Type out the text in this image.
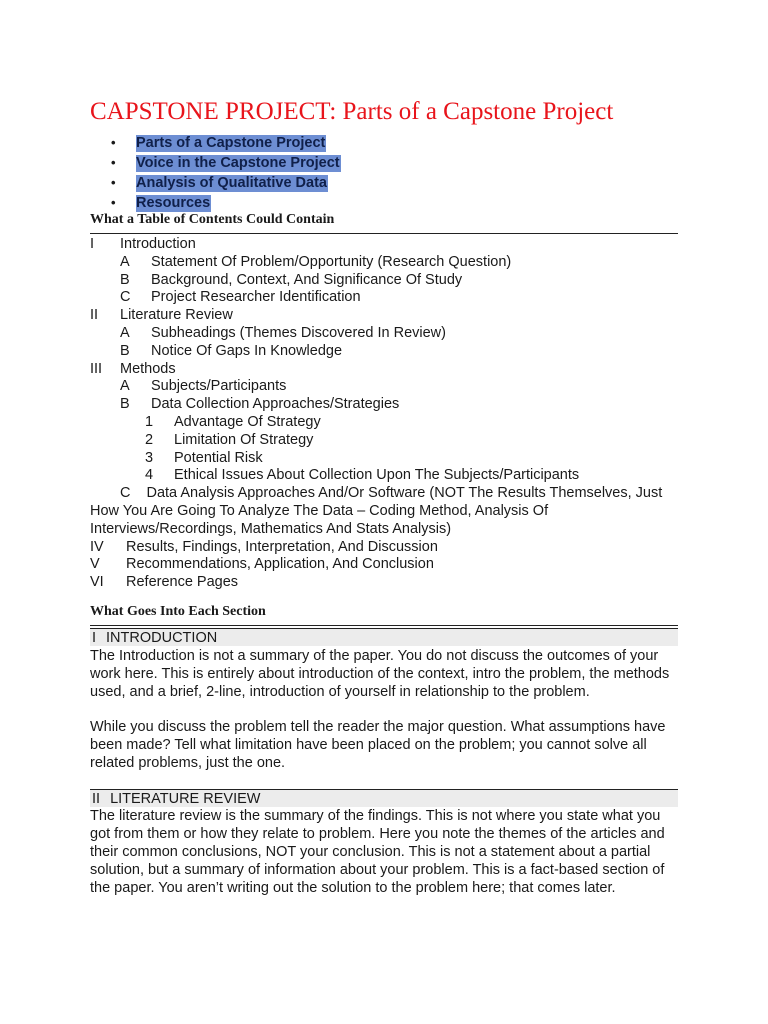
CAPSTONE PROJECT: Parts of a Capstone Project
• Parts of a Capstone Project
• Voice in the Capstone Project
• Analysis of Qualitative Data
• Resources
What a Table of Contents Could Contain
I Introduction
A Statement Of Problem/Opportunity (Research Question)
B Background, Context, And Significance Of Study
C Project Researcher Identification
II Literature Review
A Subheadings (Themes Discovered In Review)
B Notice Of Gaps In Knowledge
III Methods
A Subjects/Participants
B Data Collection Approaches/Strategies
1 Advantage Of Strategy
2 Limitation Of Strategy
3 Potential Risk
4 Ethical Issues About Collection Upon The Subjects/Participants
C Data Analysis Approaches And/Or Software (NOT The Results Themselves, Just How You Are Going To Analyze The Data – Coding Method, Analysis Of Interviews/Recordings, Mathematics And Stats Analysis)
IV Results, Findings, Interpretation, And Discussion
V Recommendations, Application, And Conclusion
VI Reference Pages
What Goes Into Each Section
I INTRODUCTION

The Introduction is not a summary of the paper. You do not discuss the outcomes of your work here. This is entirely about introduction of the context, intro the problem, the methods used, and a brief, 2-line, introduction of yourself in relationship to the problem.

While you discuss the problem tell the reader the major question. What assumptions have been made? Tell what limitation have been placed on the problem; you cannot solve all related problems, just the one.

II LITERATURE REVIEW

The literature review is the summary of the findings. This is not where you state what you got from them or how they relate to problem. Here you note the themes of the articles and their common conclusions, NOT your conclusion. This is not a statement about a partial solution, but a summary of information about your problem. This is a fact-based section of the paper. You aren’t writing out the solution to the problem here; that comes later.
